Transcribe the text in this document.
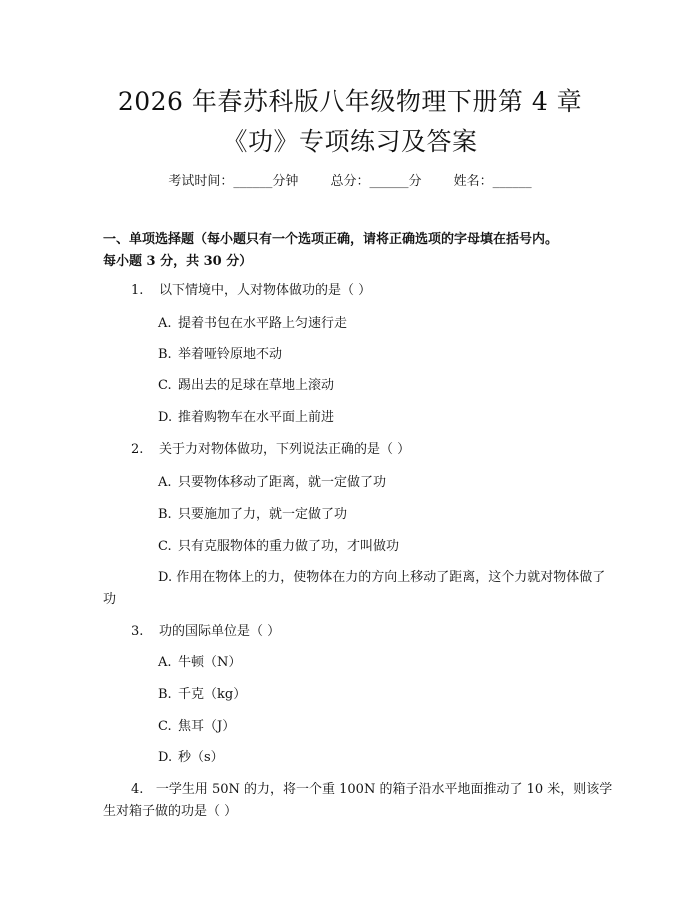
2026 年春苏科版八年级物理下册第 4 章
《功》专项练习及答案
考试时间：______分钟 总分：______分 姓名：______
一、单项选择题（每小题只有一个选项正确，请将正确选项的字母填在括号内。
每小题 3 分，共 30 分）
1. 以下情境中，人对物体做功的是（ ）
A. 提着书包在水平路上匀速行走
B. 举着哑铃原地不动
C. 踢出去的足球在草地上滚动
D. 推着购物车在水平面上前进
2. 关于力对物体做功，下列说法正确的是（ ）
A. 只要物体移动了距离，就一定做了功
B. 只要施加了力，就一定做了功
C. 只有克服物体的重力做了功，才叫做功
D. 作用在物体上的力，使物体在力的方向上移动了距离，这个力就对物体做了功
3. 功的国际单位是（ ）
A. 牛顿（N）
B. 千克（kg）
C. 焦耳（J）
D. 秒（s）
4. 一学生用 50N 的力，将一个重 100N 的箱子沿水平地面推动了 10 米，则该学生对箱子做的功是（ ）
